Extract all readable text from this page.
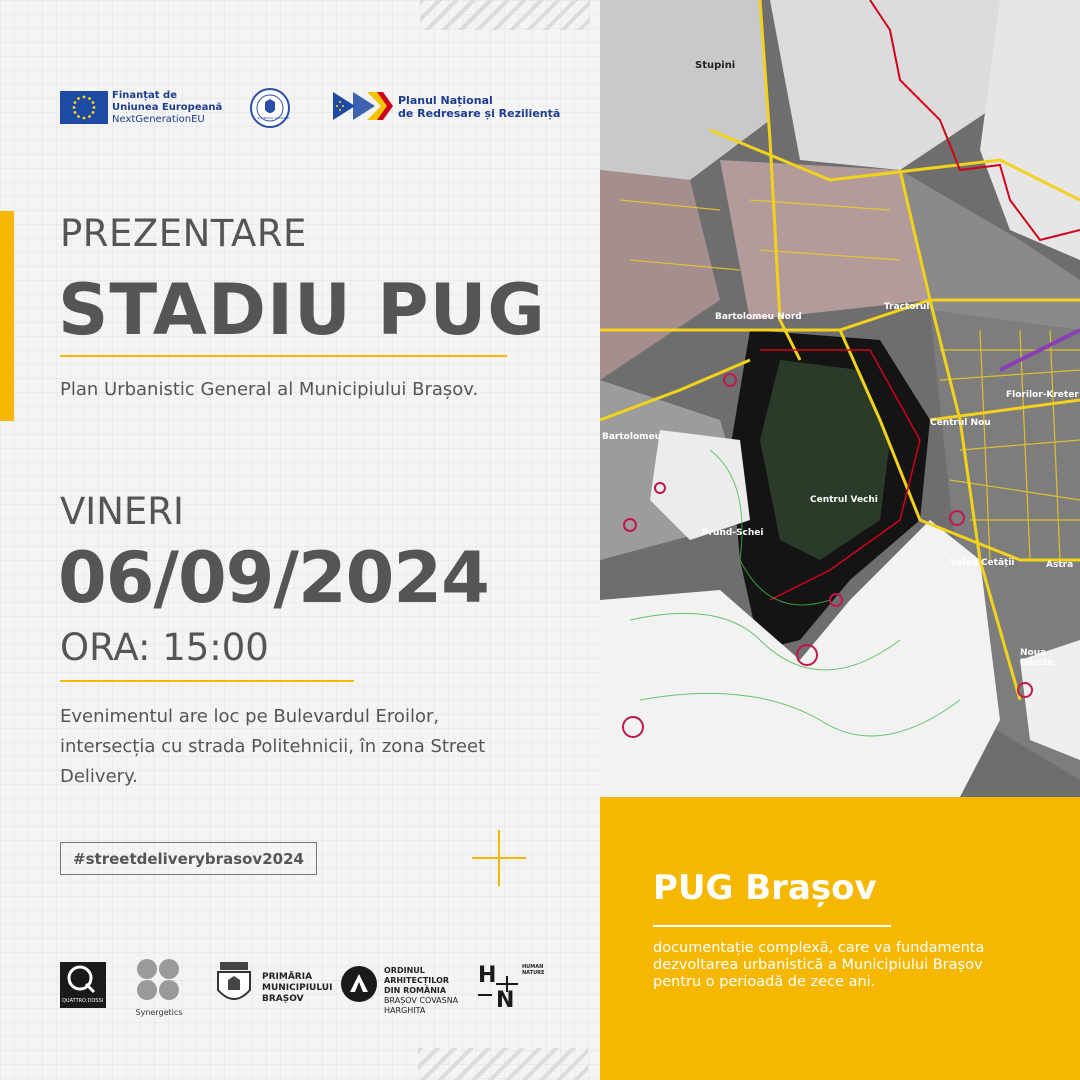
Finanțat de
Uniunea Europeană
NextGenerationEU	GUVERNUL ROMÂNIEI
Planul Național
de Redresare și Reziliență
PREZENTARE
STADIU PUG
Plan Urbanistic General al Municipiului Brașov.
VINERI
06/09/2024
ORA: 15:00
Evenimentul are loc pe Bulevardul Eroilor, intersecția cu strada Politehnicii, în zona Street Delivery.
#streetdeliverybrasov2024
QUATTRO DOSSI
Synergetics
PRIMĂRIA
MUNICIPIULUI
BRAȘOV
ORDINUL
ARHITECȚILOR
DIN ROMÂNIA
BRAȘOV COVASNA
HARGHITA
H
N
HUMAN NATURE
Stupini
Tractorul
Bartolomeu Nord
Bartolomeu
Centrul Nou
Centrul Vechi
Prund-Schei
Noua Dârste
Valea Cetății	Astra
Florilor-Kreter
PUG Brașov
documentație complexă, care va fundamenta dezvoltarea urbanistică a Municipiului Brașov pentru o perioadă de zece ani.
